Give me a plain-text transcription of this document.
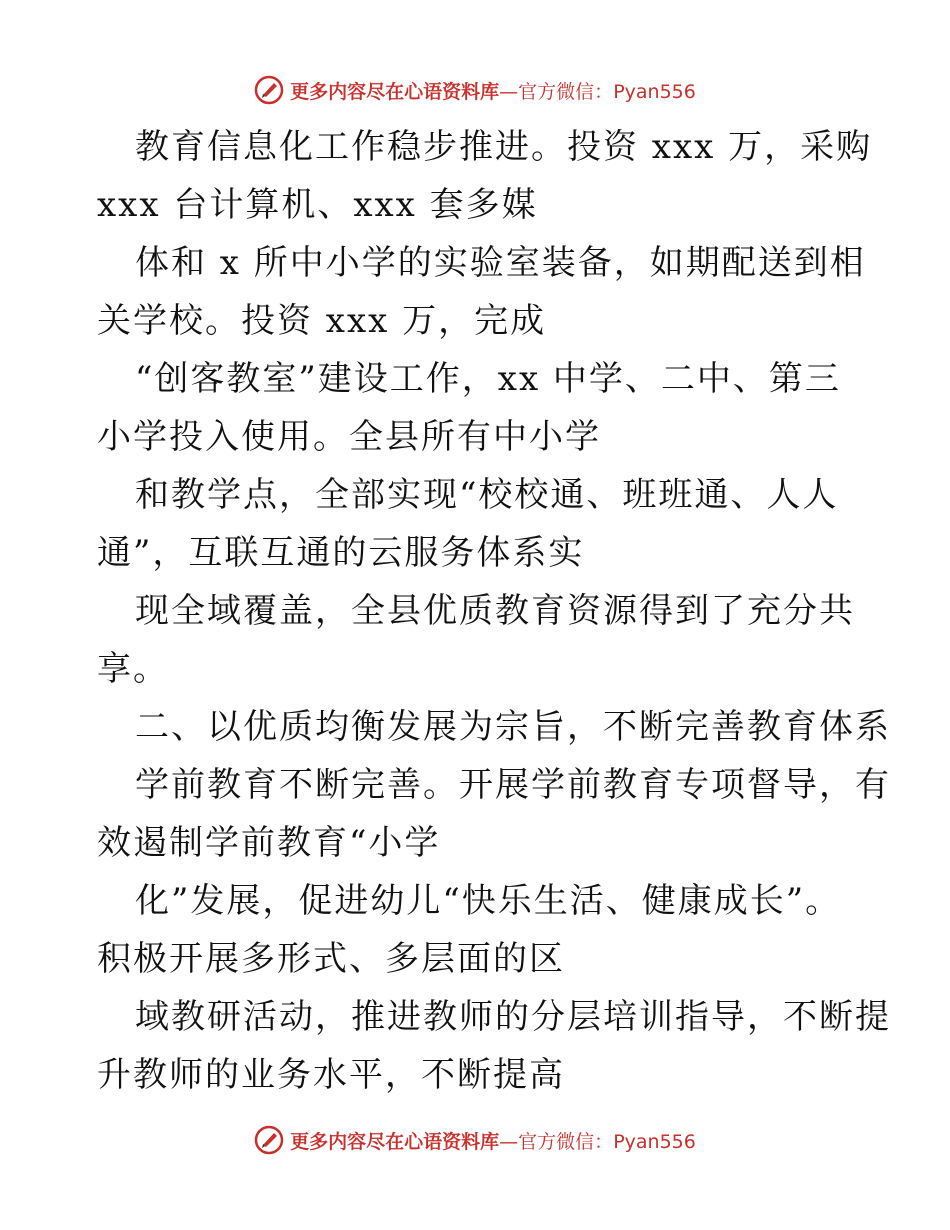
更多内容尽在心语资料库—官方微信：Pyan556
教育信息化工作稳步推进。投资 xxx 万，采购
xxx 台计算机、xxx 套多媒
体和 x 所中小学的实验室装备，如期配送到相
关学校。投资 xxx 万，完成
“创客教室”建设工作，xx 中学、二中、第三
小学投入使用。全县所有中小学
和教学点，全部实现“校校通、班班通、人人
通”，互联互通的云服务体系实
现全域覆盖，全县优质教育资源得到了充分共
享。
二、以优质均衡发展为宗旨，不断完善教育体系
学前教育不断完善。开展学前教育专项督导，有
效遏制学前教育“小学
化”发展，促进幼儿“快乐生活、健康成长”。
积极开展多形式、多层面的区
域教研活动，推进教师的分层培训指导，不断提
升教师的业务水平，不断提高
更多内容尽在心语资料库—官方微信：Pyan556
